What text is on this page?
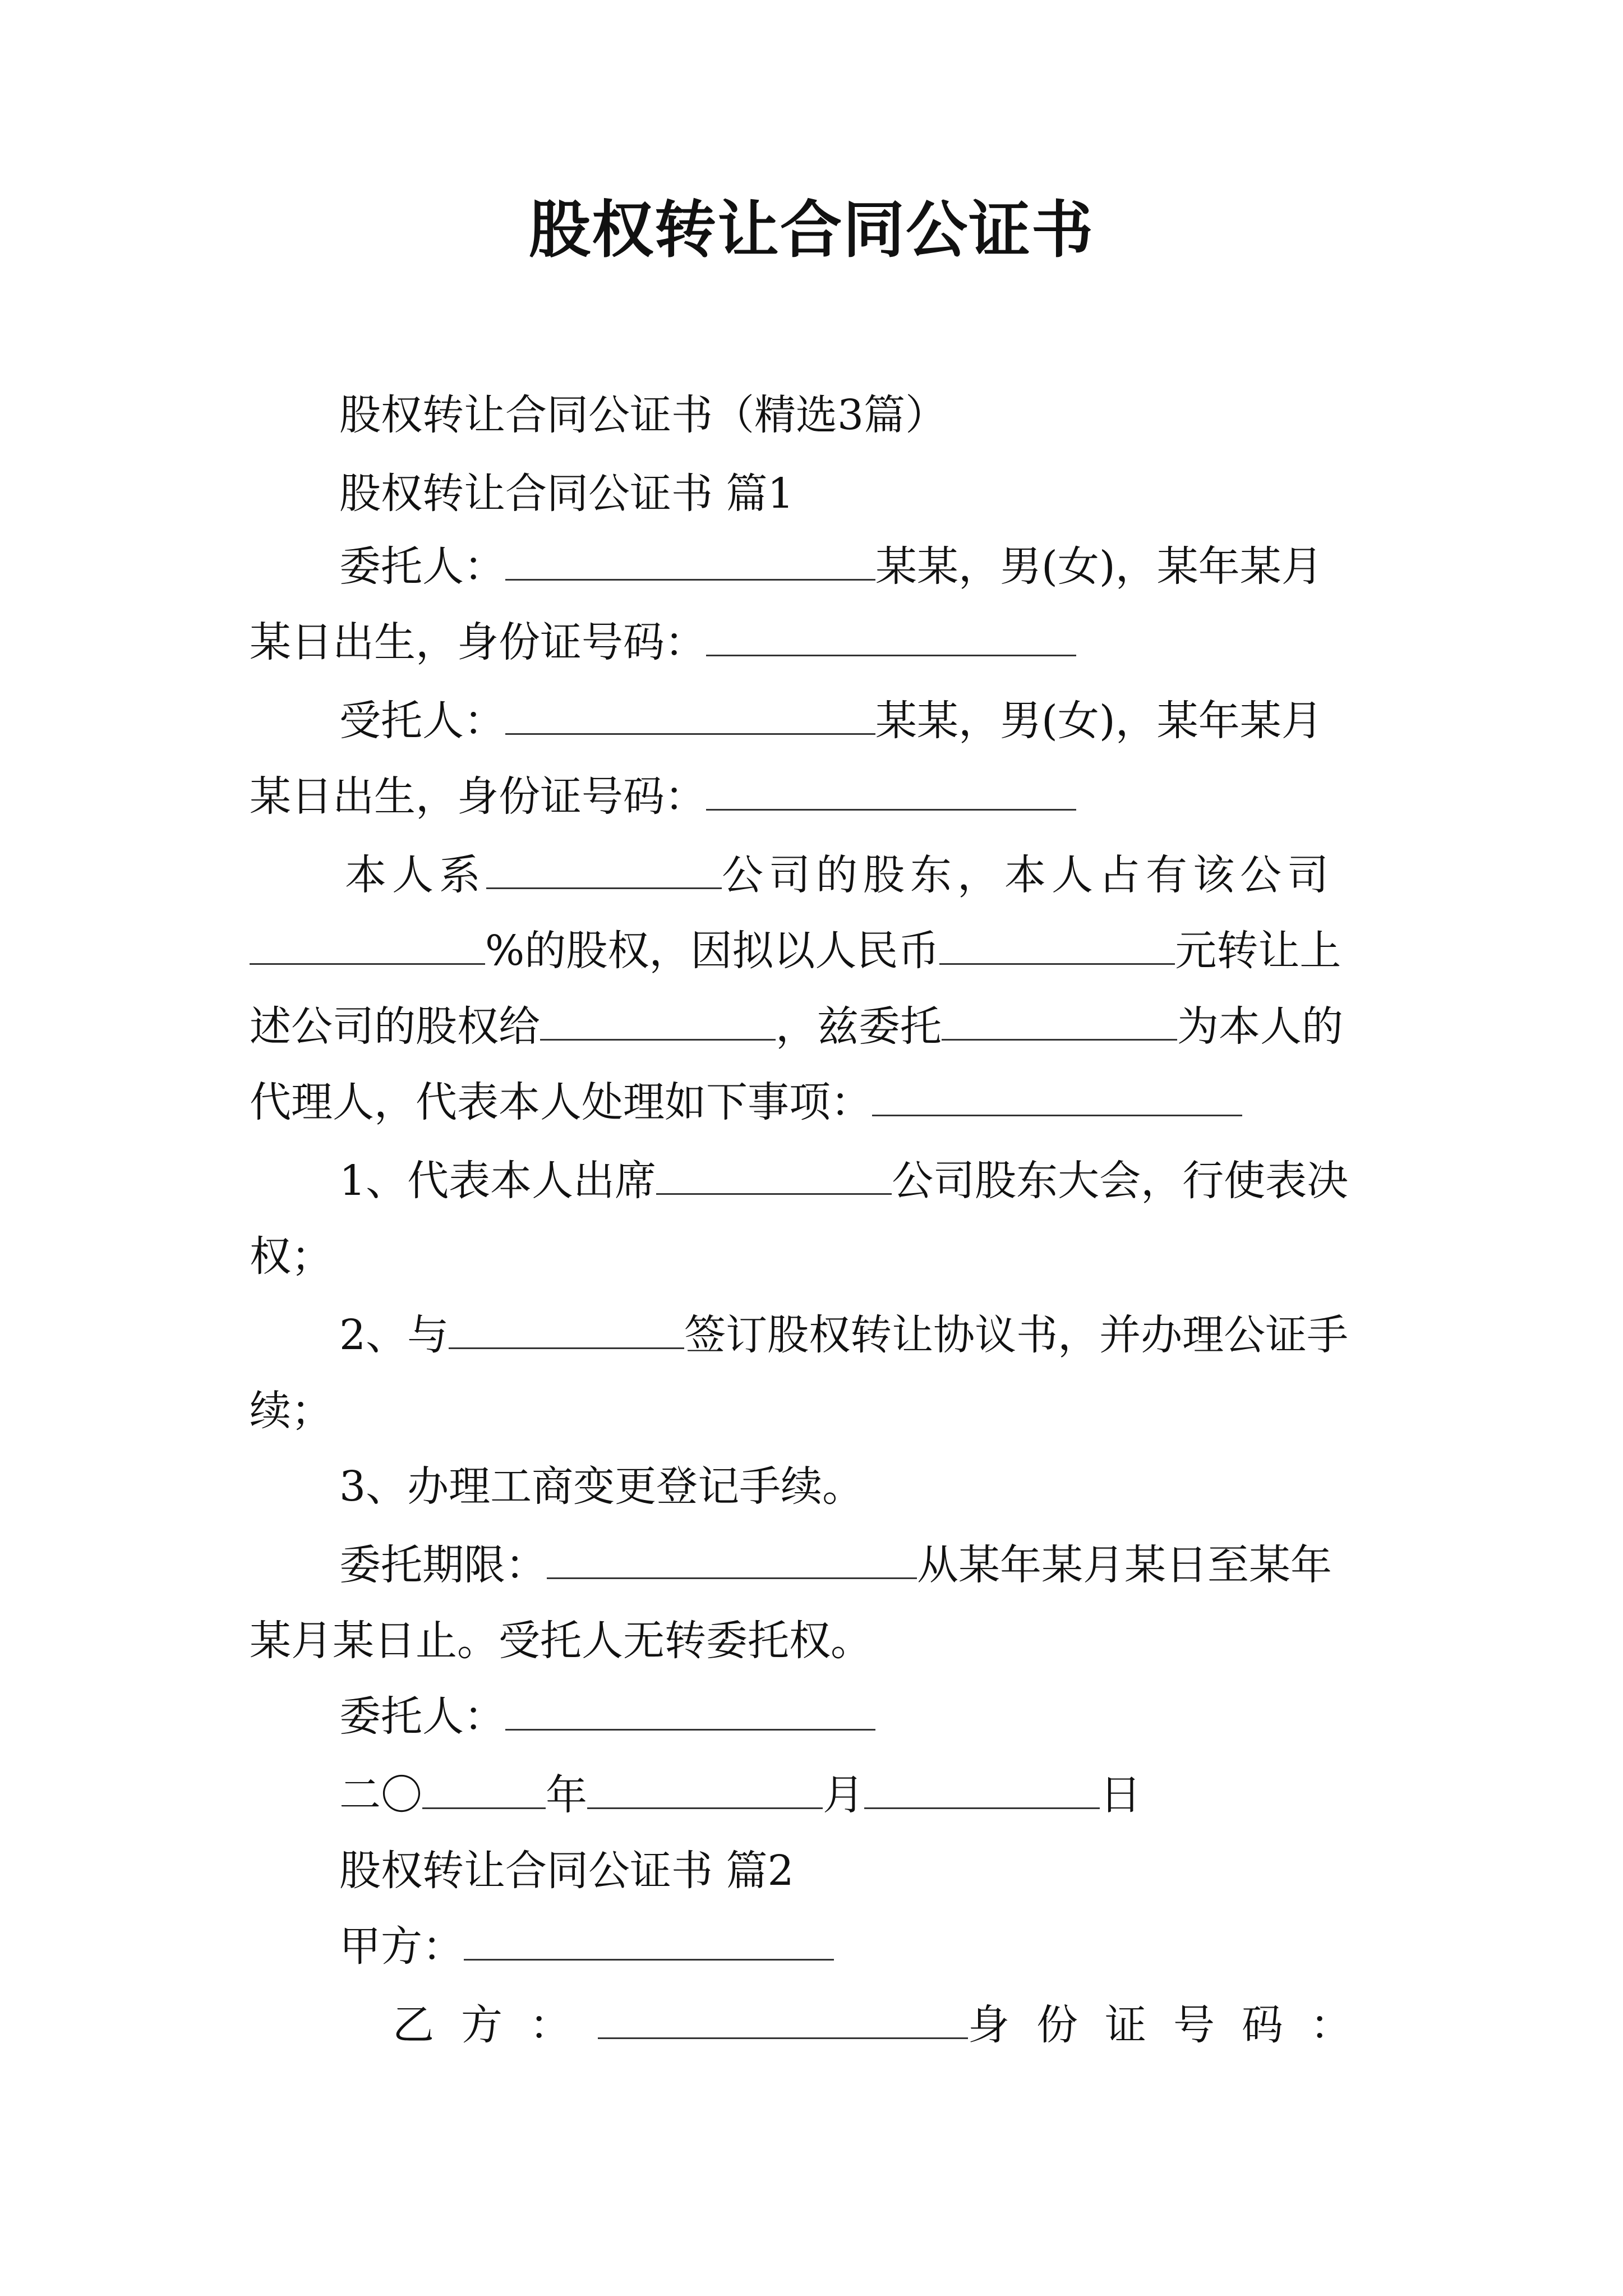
股权转让合同公证书
股权转让合同公证书（精选3篇）
股权转让合同公证书 篇1
委托人：	某某，男(女)，某年某月
某日出生，身份证号码：
受托人：	某某，男(女)，某年某月
某日出生，身份证号码：
本人系	公司的股东，本人占有该公司
%的股权，因拟以人民币	元转让上
述公司的股权给	，兹委托	为本人的
代理人，代表本人处理如下事项：
1、代表本人出席	公司股东大会，行使表决
权；
2、与	签订股权转让协议书，并办理公证手
续；
3、办理工商变更登记手续。
委托期限：	从某年某月某日至某年
某月某日止。受托人无转委托权。
委托人：
二〇	年	月	日
股权转让合同公证书 篇2
甲方：
乙方：	身份证号码：
